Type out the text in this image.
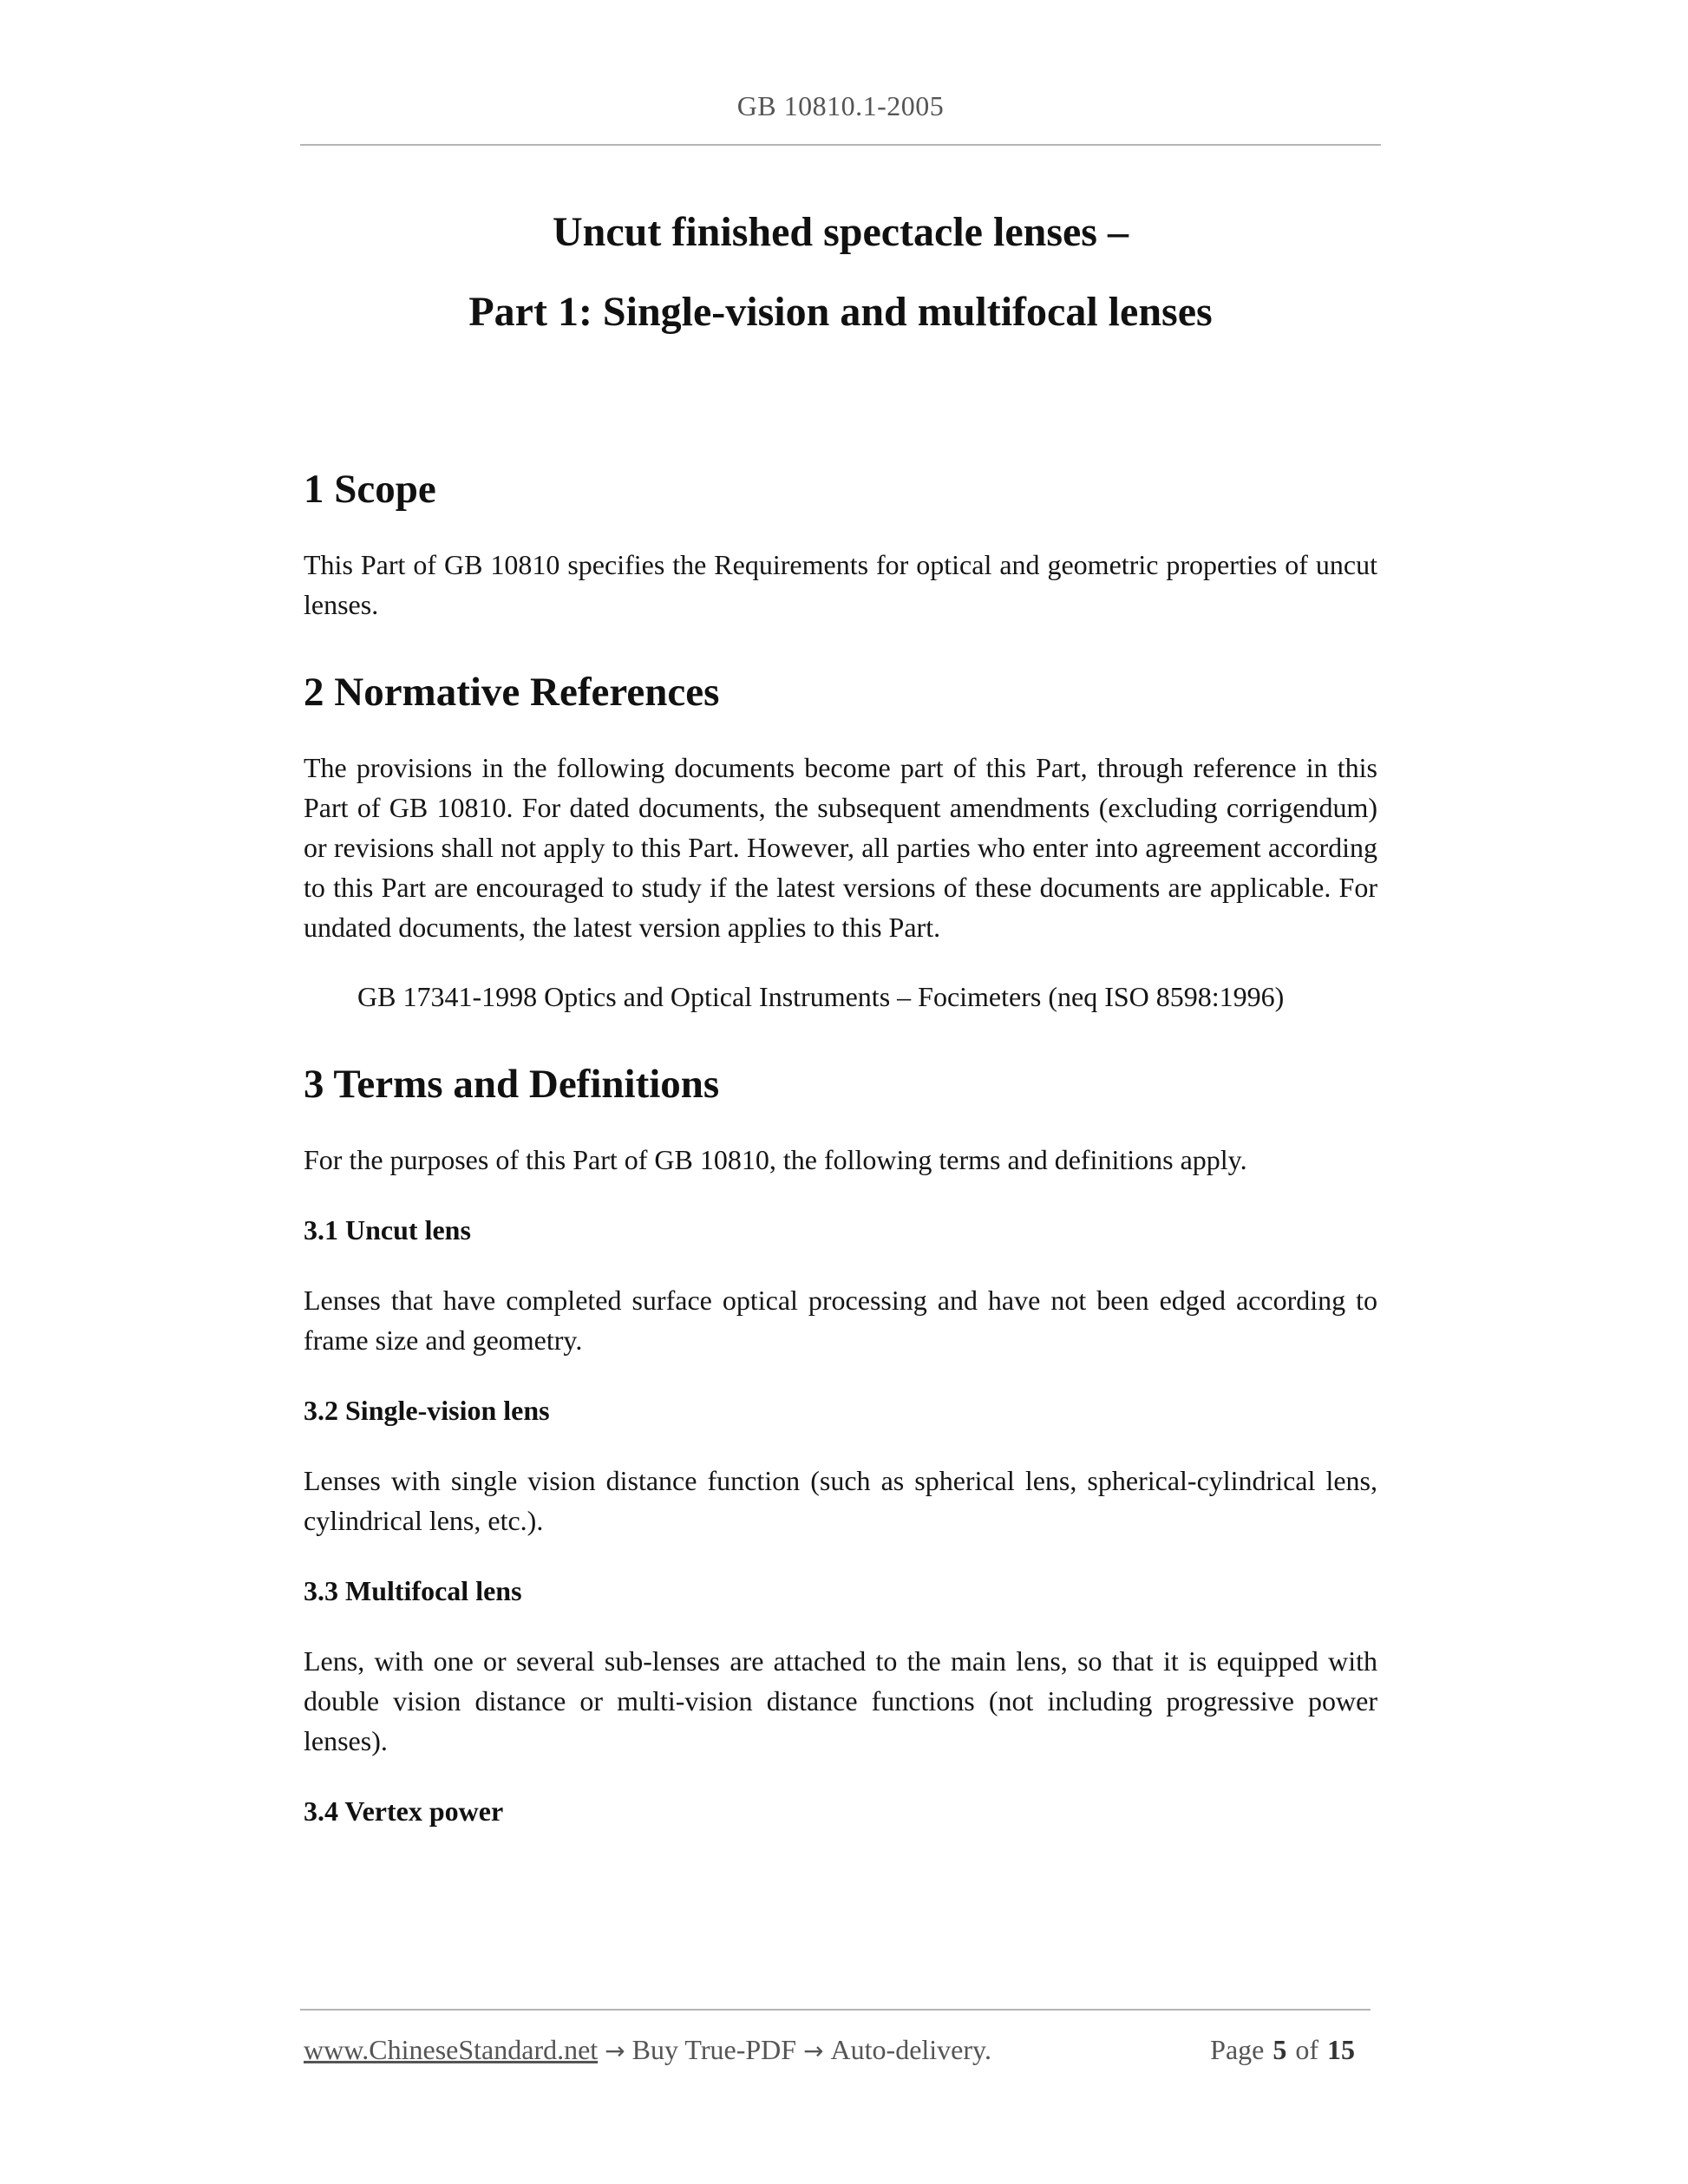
GB 10810.1-2005
Uncut finished spectacle lenses –
Part 1: Single-vision and multifocal lenses
1 Scope

This Part of GB 10810 specifies the Requirements for optical and geometric properties of uncut lenses.

2 Normative References

The provisions in the following documents become part of this Part, through reference in this Part of GB 10810. For dated documents, the subsequent amendments (excluding corrigendum) or revisions shall not apply to this Part. However, all parties who enter into agreement according to this Part are encouraged to study if the latest versions of these documents are applicable. For undated documents, the latest version applies to this Part.

GB 17341-1998 Optics and Optical Instruments – Focimeters (neq ISO 8598:1996)

3 Terms and Definitions

For the purposes of this Part of GB 10810, the following terms and definitions apply.

3.1 Uncut lens

Lenses that have completed surface optical processing and have not been edged according to frame size and geometry.

3.2 Single-vision lens

Lenses with single vision distance function (such as spherical lens, spherical-cylindrical lens, cylindrical lens, etc.).

3.3 Multifocal lens

Lens, with one or several sub-lenses are attached to the main lens, so that it is equipped with double vision distance or multi-vision distance functions (not including progressive power lenses).

3.4 Vertex power

www.ChineseStandard.net → Buy True-PDF → Auto-delivery.	Page 5 of 15
